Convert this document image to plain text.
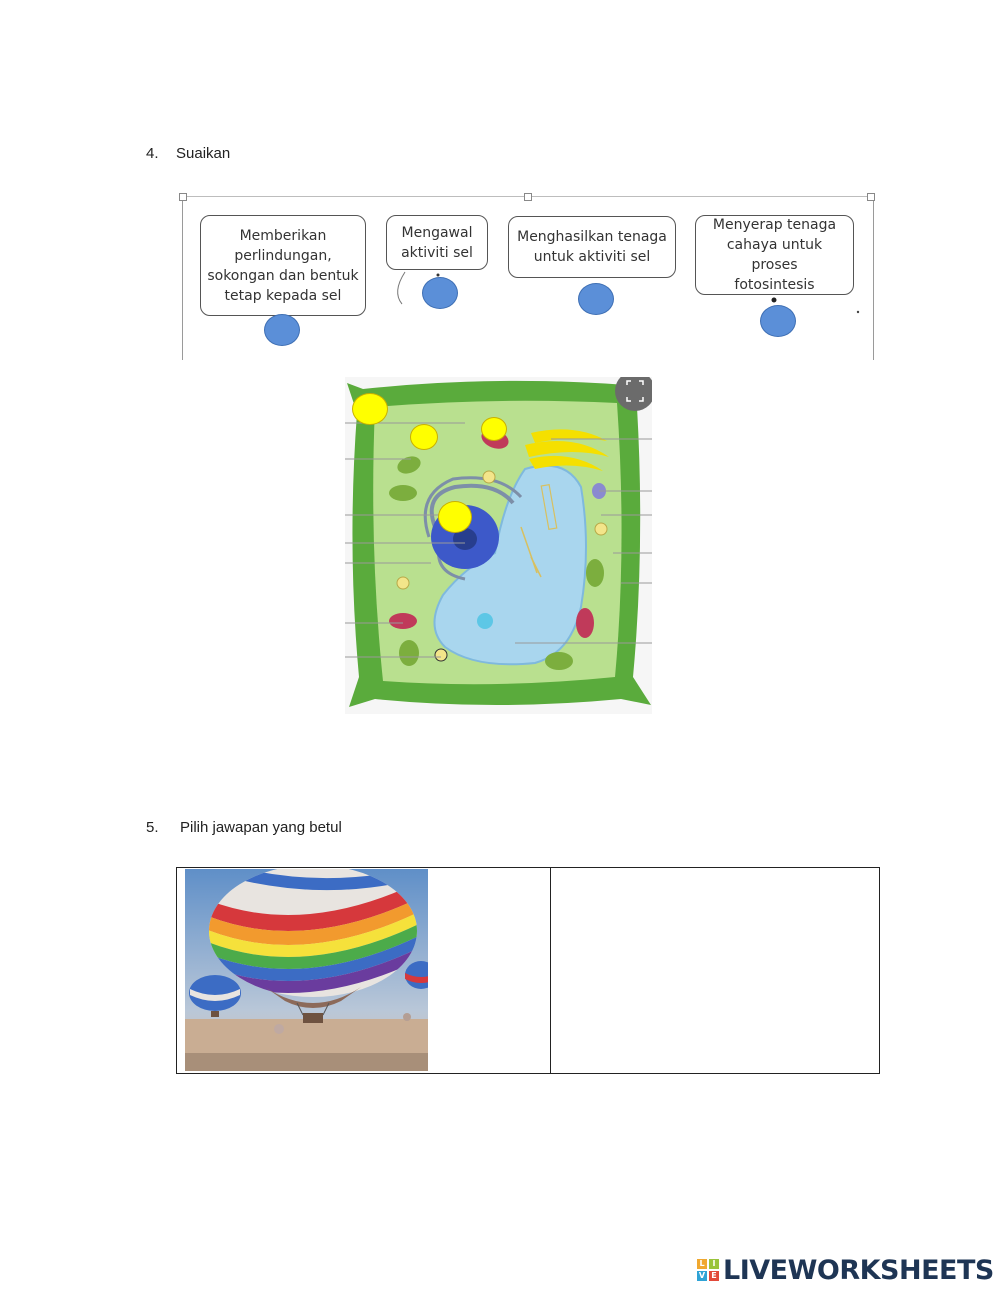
4. Suaikan
Memberikan
perlindungan,
sokongan dan bentuk
tetap kepada sel
Mengawal
aktiviti sel
Menghasilkan tenaga
untuk aktiviti sel
Menyerap tenaga
cahaya untuk proses
fotosintesis
5. Pilih jawapan yang betul
L I
V E LIVEWORKSHEETS
